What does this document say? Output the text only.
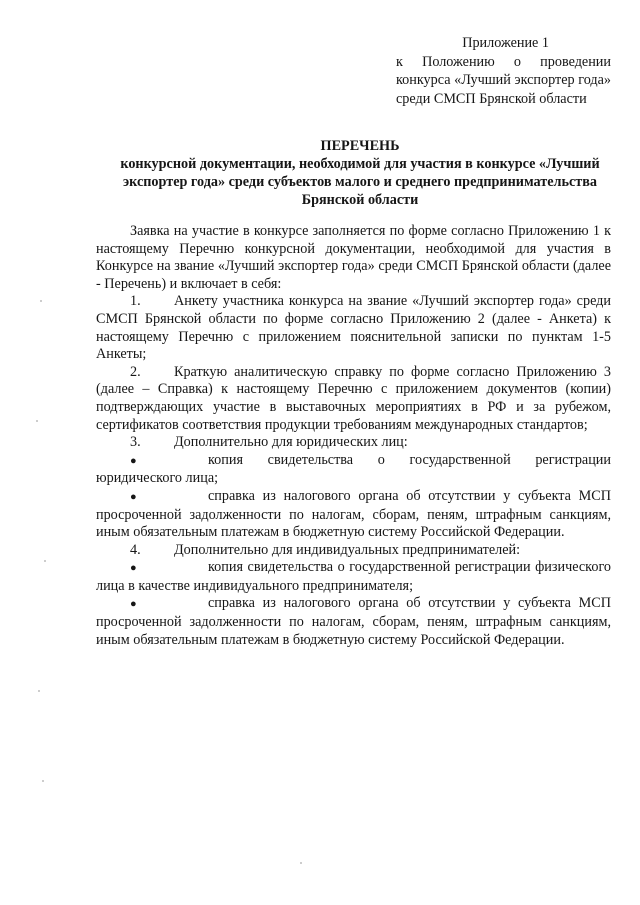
Приложение 1
к Положению о проведении конкурса «Лучший экспортер года» среди СМСП Брянской области
ПЕРЕЧЕНЬ
конкурсной документации, необходимой для участия в конкурсе «Лучший экспортер года» среди субъектов малого и среднего предпринимательства Брянской области

Заявка на участие в конкурсе заполняется по форме согласно Приложению 1 к настоящему Перечню конкурсной документации, необходимой для участия в Конкурсе на звание «Лучший экспортер года» среди СМСП Брянской области (далее - Перечень) и включает в себя:

1. Анкету участника конкурса на звание «Лучший экспортер года» среди СМСП Брянской области по форме согласно Приложению 2 (далее - Анкета) к настоящему Перечню с приложением пояснительной записки по пунктам 1-5 Анкеты;

2. Краткую аналитическую справку по форме согласно Приложению 3 (далее – Справка) к настоящему Перечню с приложением документов (копии) подтверждающих участие в выставочных мероприятиях в РФ и за рубежом, сертификатов соответствия продукции требованиям международных стандартов;

3. Дополнительно для юридических лиц:

●	копия свидетельства о государственной регистрации юридического лица;

●	справка из налогового органа об отсутствии у субъекта МСП просроченной задолженности по налогам, сборам, пеням, штрафным санкциям, иным обязательным платежам в бюджетную систему Российской Федерации.

4. Дополнительно для индивидуальных предпринимателей:

●	копия свидетельства о государственной регистрации физического лица в качестве индивидуального предпринимателя;

●	справка из налогового органа об отсутствии у субъекта МСП просроченной задолженности по налогам, сборам, пеням, штрафным санкциям, иным обязательным платежам в бюджетную систему Российской Федерации.
